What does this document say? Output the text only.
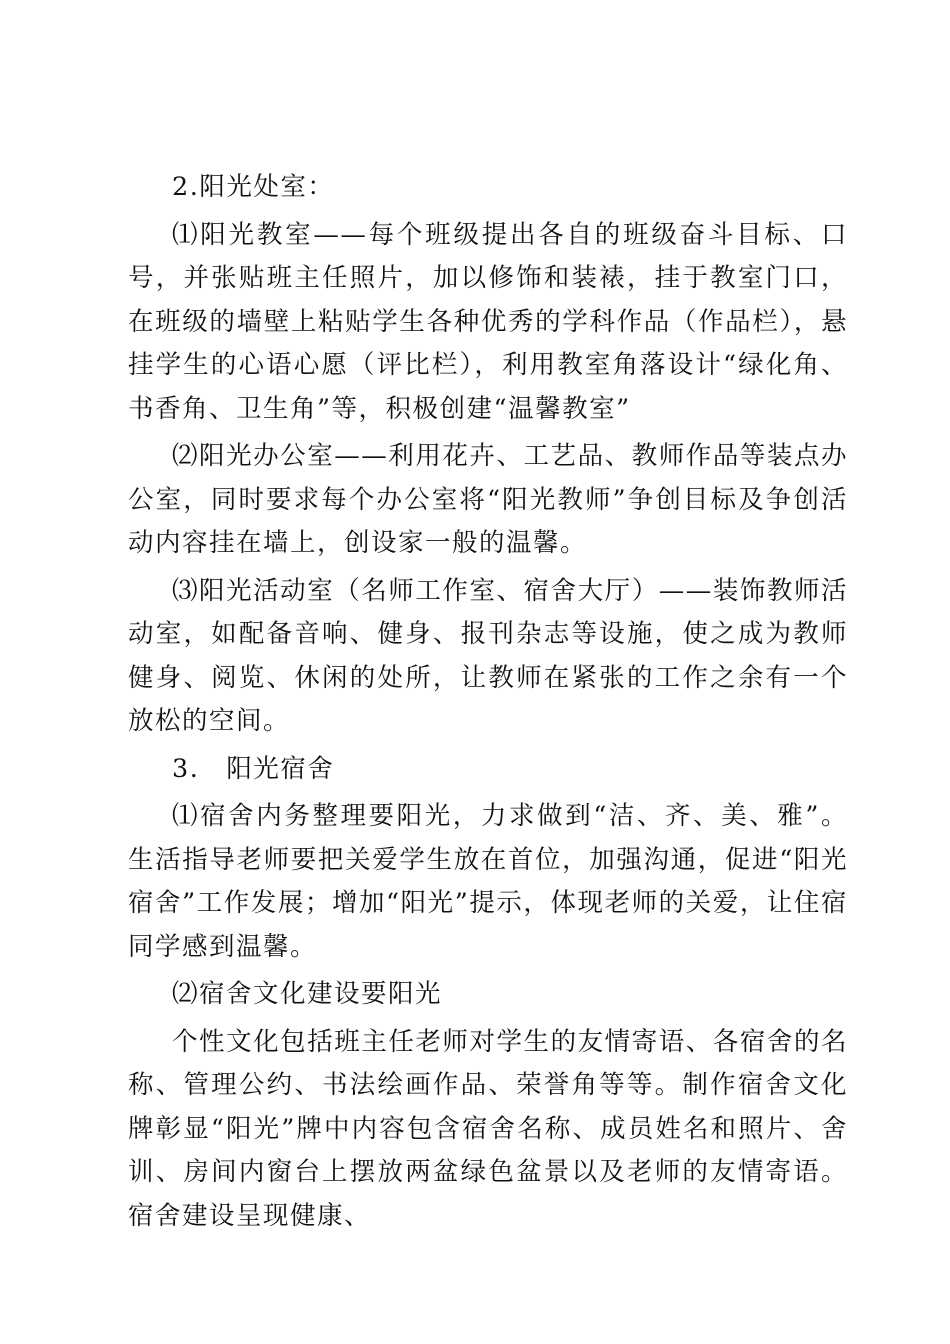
2.阳光处室：

⑴阳光教室——每个班级提出各自的班级奋斗目标、口号，并张贴班主任照片，加以修饰和装裱，挂于教室门口，在班级的墙壁上粘贴学生各种优秀的学科作品（作品栏），悬挂学生的心语心愿（评比栏），利用教室角落设计“绿化角、书香角、卫生角”等，积极创建“温馨教室”

⑵阳光办公室——利用花卉、工艺品、教师作品等装点办公室，同时要求每个办公室将“阳光教师”争创目标及争创活动内容挂在墙上，创设家一般的温馨。

⑶阳光活动室（名师工作室、宿舍大厅）——装饰教师活动室，如配备音响、健身、报刊杂志等设施，使之成为教师健身、阅览、休闲的处所，让教师在紧张的工作之余有一个放松的空间。

3.　阳光宿舍

⑴宿舍内务整理要阳光，力求做到“洁、齐、美、雅”。生活指导老师要把关爱学生放在首位，加强沟通，促进“阳光宿舍”工作发展；增加“阳光”提示，体现老师的关爱，让住宿同学感到温馨。

⑵宿舍文化建设要阳光

个性文化包括班主任老师对学生的友情寄语、各宿舍的名称、管理公约、书法绘画作品、荣誉角等等。制作宿舍文化牌彰显“阳光”牌中内容包含宿舍名称、成员姓名和照片、舍训、房间内窗台上摆放两盆绿色盆景以及老师的友情寄语。宿舍建设呈现健康、
